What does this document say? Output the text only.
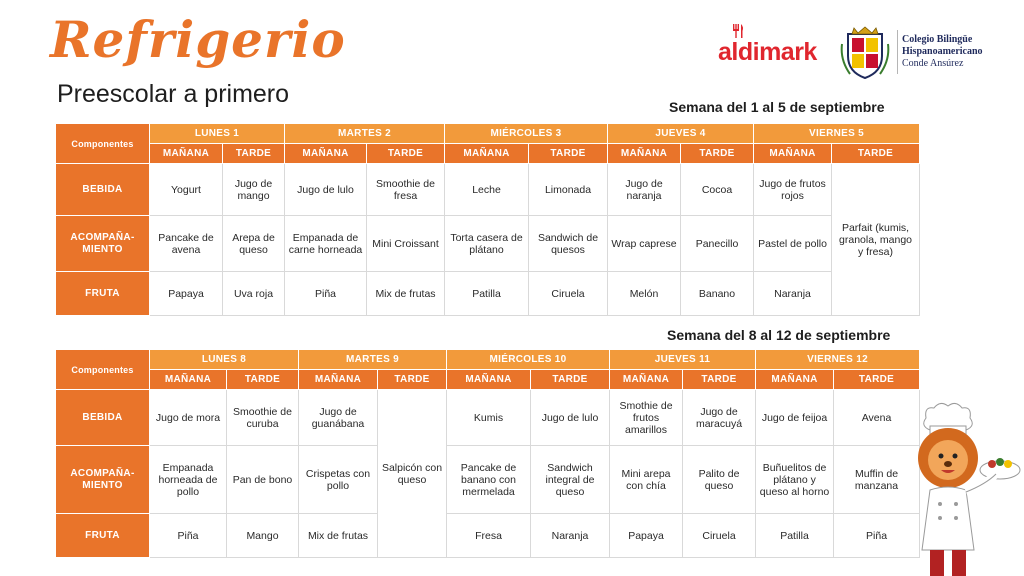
Refrigerio
Preescolar a primero
aldimark	Colegio Bilingüe
Hispanoamericano
Conde Ansúrez
Semana del 1 al 5 de septiembre
Componentes	LUNES 1		MARTES 2		MIÉRCOLES 3		JUEVES 4		VIERNES 5	
	MAÑANA	TARDE	MAÑANA	TARDE	MAÑANA	TARDE	MAÑANA	TARDE	MAÑANA	TARDE
BEBIDA	Yogurt	Jugo de mango	Jugo de lulo	Smoothie de fresa	Leche	Limonada	Jugo de naranja	Cocoa	Jugo de frutos rojos	Parfait (kumis, granola, mango y fresa)
ACOMPAÑA-MIENTO	Pancake de avena	Arepa de queso	Empanada de carne horneada	Mini Croissant	Torta casera de plátano	Sandwich de quesos	Wrap caprese	Panecillo	Pastel de pollo	
FRUTA	Papaya	Uva roja	Piña	Mix de frutas	Patilla	Ciruela	Melón	Banano	Naranja	
Semana del 8 al 12 de septiembre
Componentes	LUNES 8		MARTES 9		MIÉRCOLES 10		JUEVES 11		VIERNES 12	
	MAÑANA	TARDE	MAÑANA	TARDE	MAÑANA	TARDE	MAÑANA	TARDE	MAÑANA	TARDE
BEBIDA	Jugo de mora	Smoothie de curuba	Jugo de guanábana	Salpicón con queso	Kumis	Jugo de lulo	Smothie de frutos amarillos	Jugo de maracuyá	Jugo de feijoa	Avena
ACOMPAÑA-MIENTO	Empanada horneada de pollo	Pan de bono	Crispetas con pollo		Pancake de banano con mermelada	Sandwich integral de queso	Mini arepa con chía	Palito de queso	Buñuelitos de plátano y queso al horno	Muffin de manzana
FRUTA	Piña	Mango	Mix de frutas		Fresa	Naranja	Papaya	Ciruela	Patilla	Piña
